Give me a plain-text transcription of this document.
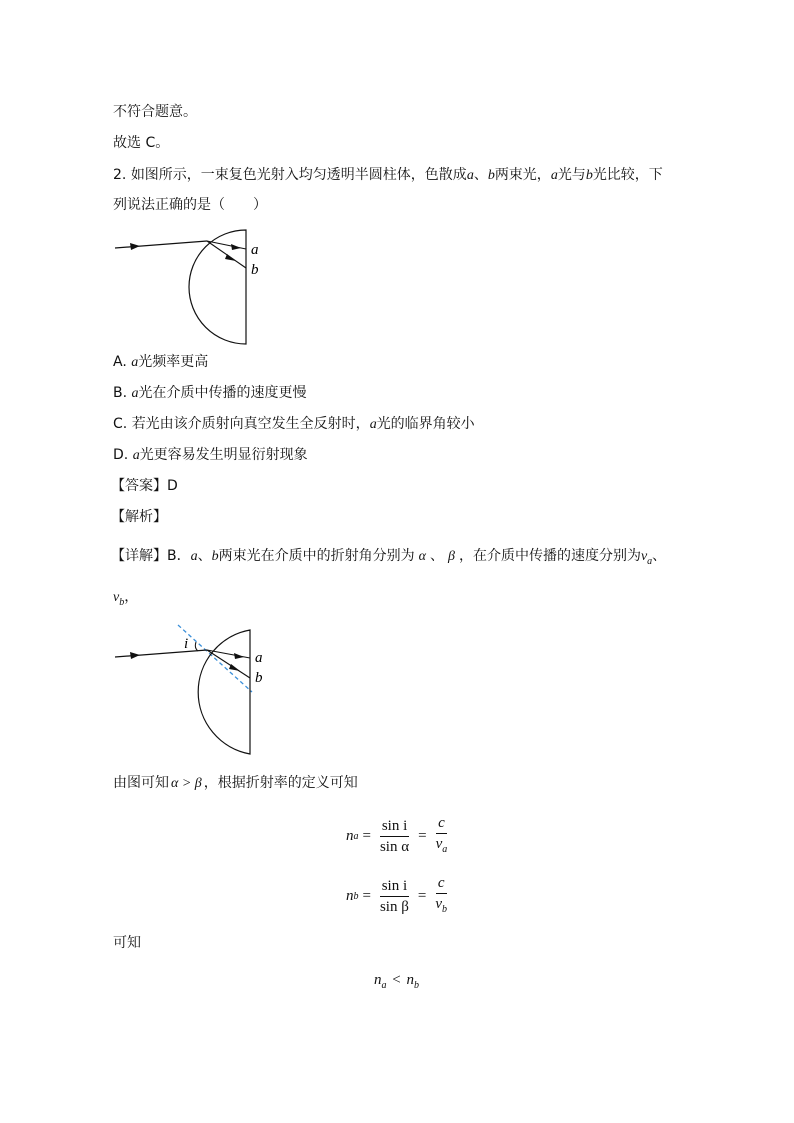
不符合题意。
故选 C。
2. 如图所示，一束复色光射入均匀透明半圆柱体，色散成a、b两束光，a光与b光比较，下
列说法正确的是（　　）
a
b
A. a光频率更高
B. a光在介质中传播的速度更慢
C. 若光由该介质射向真空发生全反射时，a光的临界角较小
D. a光更容易发生明显衍射现象
【答案】D
【解析】
【详解】B．a、b两束光在介质中的折射角分别为 α 、 β ，在介质中传播的速度分别为$v_a$、
$v_b$，
i
a
b
由图可知 α > β ，根据折射率的定义可知
n $a = \frac{\text{sin i}}{\text{sin α}} = \frac{c}{v_a}$
n $b = \frac{\text{sin i}}{\text{sin β}} = \frac{c}{v_b}$
可知
$n_a < n_b$
